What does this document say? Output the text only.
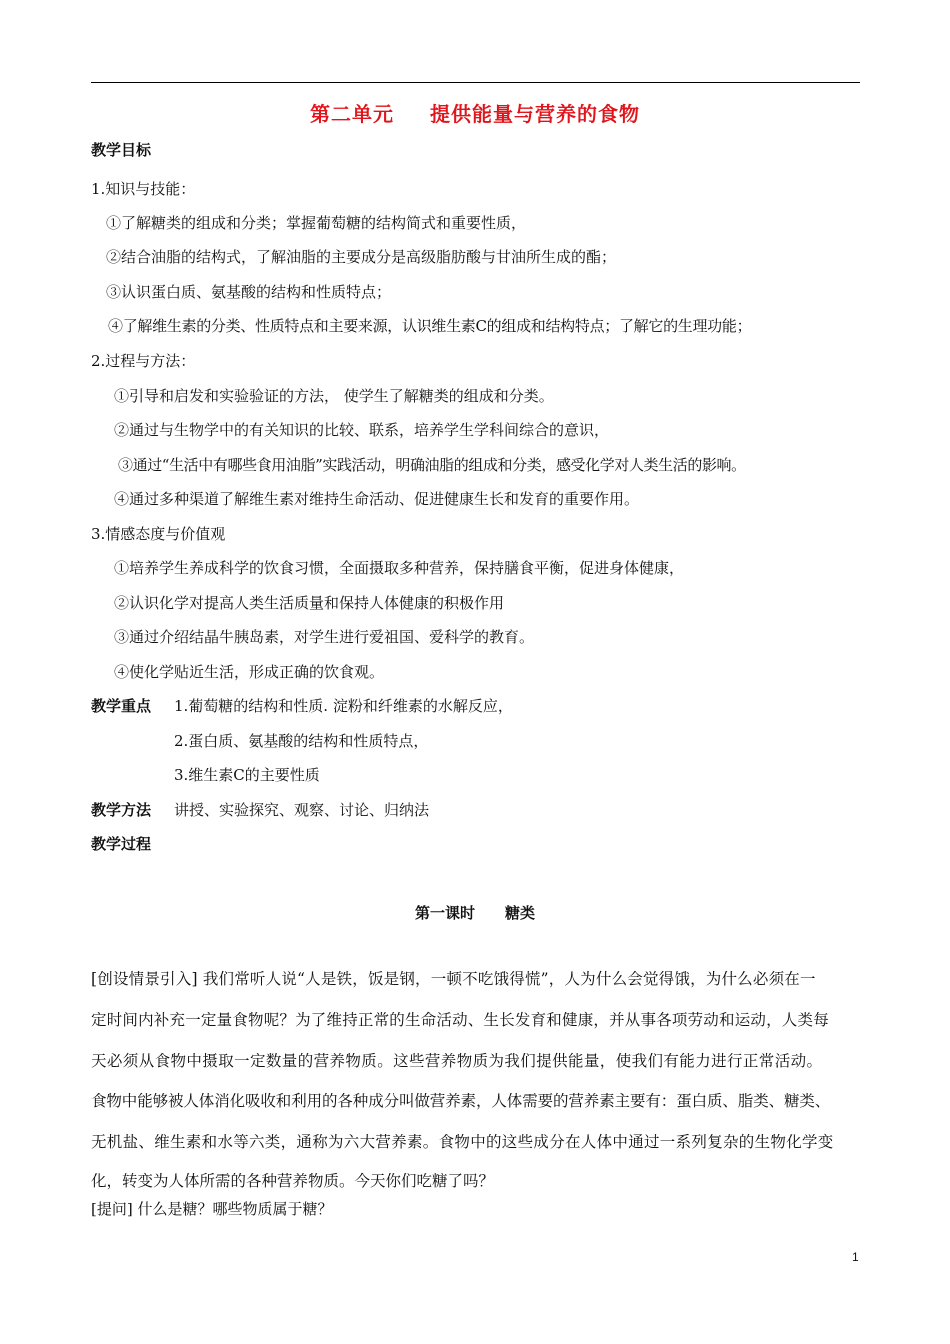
第二单元 提供能量与营养的食物
教学目标
1.知识与技能：
①了解糖类的组成和分类；掌握葡萄糖的结构简式和重要性质，
②结合油脂的结构式，了解油脂的主要成分是高级脂肪酸与甘油所生成的酯；
③认识蛋白质、氨基酸的结构和性质特点；
④了解维生素的分类、性质特点和主要来源，认识维生素C的组成和结构特点；了解它的生理功能；
2.过程与方法：
①引导和启发和实验验证的方法， 使学生了解糖类的组成和分类。
②通过与生物学中的有关知识的比较、联系，培养学生学科间综合的意识，
③通过“生活中有哪些食用油脂”实践活动，明确油脂的组成和分类，感受化学对人类生活的影响。
④通过多种渠道了解维生素对维持生命活动、促进健康生长和发育的重要作用。
3.情感态度与价值观
①培养学生养成科学的饮食习惯，全面摄取多种营养，保持膳食平衡，促进身体健康，
②认识化学对提高人类生活质量和保持人体健康的积极作用
③通过介绍结晶牛胰岛素，对学生进行爱祖国、爱科学的教育。
④使化学贴近生活，形成正确的饮食观。
教学重点 1.葡萄糖的结构和性质. 淀粉和纤维素的水解反应，
2.蛋白质、氨基酸的结构和性质特点，
3.维生素C的主要性质
教学方法 讲授、实验探究、观察、讨论、归纳法
教学过程
第一课时 糖类
[创设情景引入] 我们常听人说“人是铁，饭是钢，一顿不吃饿得慌”，人为什么会觉得饿，为什么必须在一
定时间内补充一定量食物呢？为了维持正常的生命活动、生长发育和健康，并从事各项劳动和运动，人类每
天必须从食物中摄取一定数量的营养物质。这些营养物质为我们提供能量，使我们有能力进行正常活动。
食物中能够被人体消化吸收和利用的各种成分叫做营养素，人体需要的营养素主要有：蛋白质、脂类、糖类、
无机盐、维生素和水等六类，通称为六大营养素。食物中的这些成分在人体中通过一系列复杂的生物化学变
化，转变为人体所需的各种营养物质。今天你们吃糖了吗？
[提问] 什么是糖？哪些物质属于糖？
1
